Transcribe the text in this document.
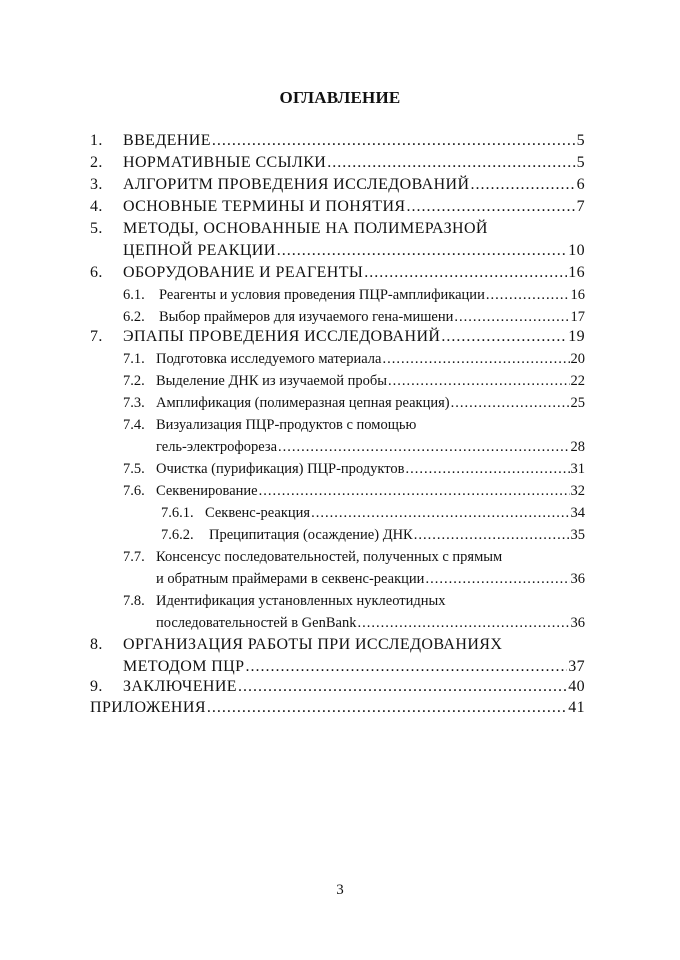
ОГЛАВЛЕНИЕ
1.	ВВЕДЕНИЕ .....	5
2.	НОРМАТИВНЫЕ ССЫЛКИ .....	5
3.	АЛГОРИТМ ПРОВЕДЕНИЯ ИССЛЕДОВАНИЙ .....	6
4.	ОСНОВНЫЕ ТЕРМИНЫ И ПОНЯТИЯ .....	7
5.	МЕТОДЫ, ОСНОВАННЫЕ НА ПОЛИМЕРАЗНОЙ
ЦЕПНОЙ РЕАКЦИИ .....	10
6.	ОБОРУДОВАНИЕ И РЕАГЕНТЫ .....	16
6.1. Реагенты и условия проведения ПЦР-амплификации .....	16
6.2. Выбор праймеров для изучаемого гена-мишени .....	17
7.	ЭПАПЫ ПРОВЕДЕНИЯ ИССЛЕДОВАНИЙ .....	19
7.1. Подготовка исследуемого материала .....	20
7.2. Выделение ДНК из изучаемой пробы .....	22
7.3. Амплификация (полимеразная цепная реакция) .....	25
7.4. Визуализация ПЦР-продуктов с помощью
гель-электрофореза .....	28
7.5. Очистка (пурификация) ПЦР-продуктов .....	31
7.6. Секвенирование .....	32
7.6.1. Секвенс-реакция .....	34
7.6.2.	Преципитация (осаждение) ДНК .....	35
7.7. Консенсус последовательностей, полученных с прямым
и обратным праймерами в секвенс-реакции .....	36
7.8. Идентификация установленных нуклеотидных
последовательностей в GenBank .....	36
8.	ОРГАНИЗАЦИЯ РАБОТЫ ПРИ ИССЛЕДОВАНИЯХ
МЕТОДОМ ПЦР .....	37
9.	ЗАКЛЮЧЕНИЕ .....	40
ПРИЛОЖЕНИЯ .....	41
3
